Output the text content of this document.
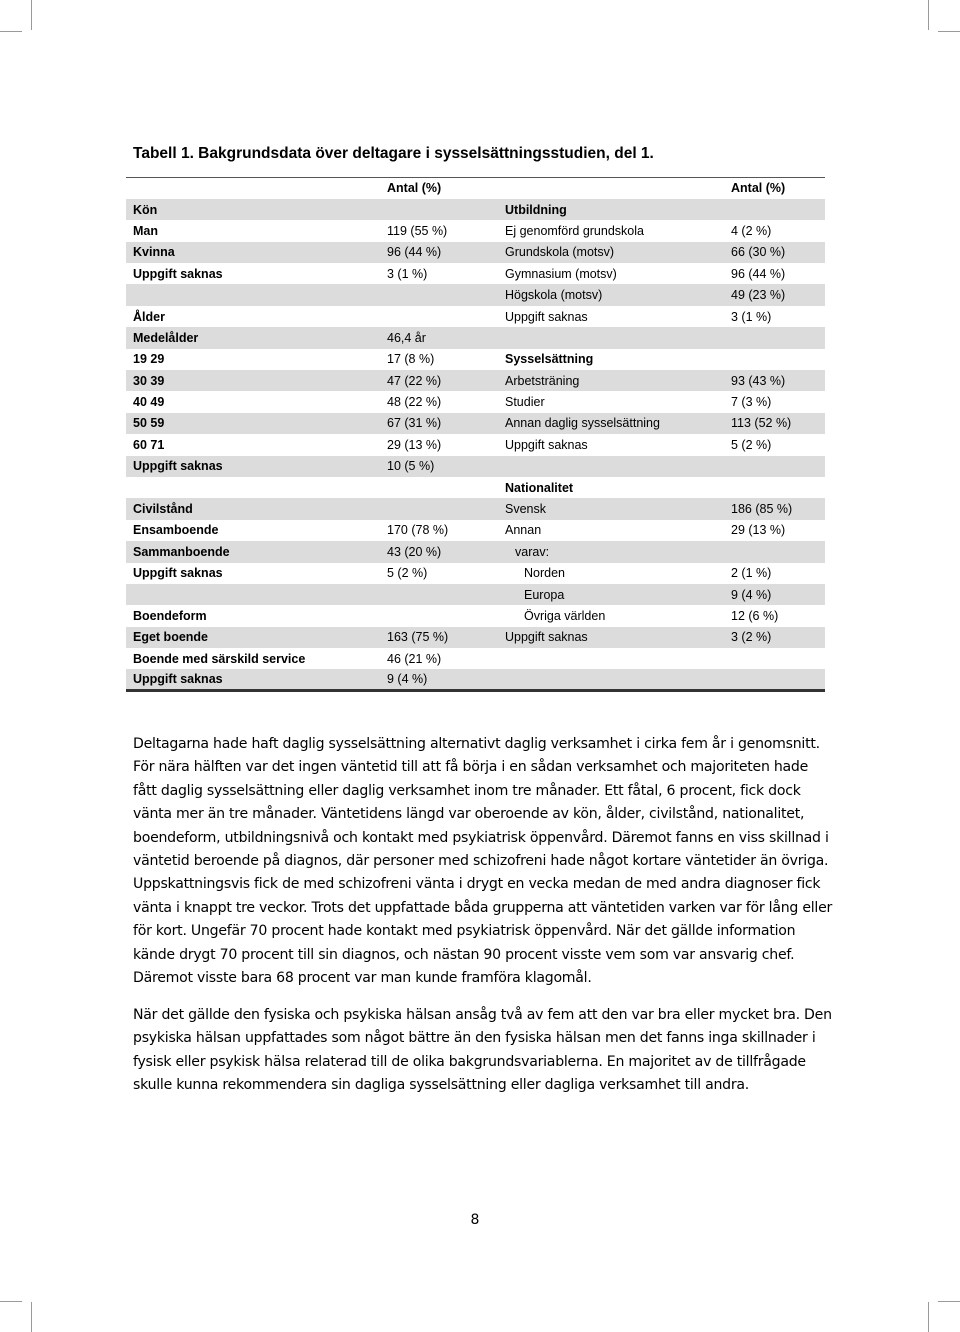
Tabell 1. Bakgrundsdata över deltagare i sysselsättningsstudien, del 1.
	Antal (%)		Antal (%)
Kön		Utbildning	
Man	119 (55 %)	Ej genomförd grundskola	4 (2 %)
Kvinna	96 (44 %)	Grundskola (motsv)	66 (30 %)
Uppgift saknas	3 (1 %)	Gymnasium (motsv)	96 (44 %)
		Högskola (motsv)	49 (23 %)
Ålder		Uppgift saknas	3 (1 %)
Medelålder	46,4 år		
19 29	17 (8 %)	Sysselsättning	
30 39	47 (22 %)	Arbetsträning	93 (43 %)
40 49	48 (22 %)	Studier	7 (3 %)
50 59	67 (31 %)	Annan daglig sysselsättning	113 (52 %)
60 71	29 (13 %)	Uppgift saknas	5 (2 %)
Uppgift saknas	10 (5 %)		
		Nationalitet	
Civilstånd		Svensk	186 (85 %)
Ensamboende	170 (78 %)	Annan	29 (13 %)
Sammanboende	43 (20 %)	varav:	
Uppgift saknas	5 (2 %)	Norden	2 (1 %)
		Europa	9 (4 %)
Boendeform		Övriga världen	12 (6 %)
Eget boende	163 (75 %)	Uppgift saknas	3 (2 %)
Boende med särskild service	46 (21 %)		
Uppgift saknas	9 (4 %)		

Deltagarna hade haft daglig sysselsättning alternativt daglig verksamhet i cirka fem år i genomsnitt. För nära hälften var det ingen väntetid till att få börja i en sådan verksamhet och majoriteten hade fått daglig sysselsättning eller daglig verksamhet inom tre månader. Ett fåtal, 6 procent, fick dock vänta mer än tre månader. Väntetidens längd var oberoende av kön, ålder, civilstånd, nationalitet, boendeform, utbildningsnivå och kontakt med psykiatrisk öppenvård. Däremot fanns en viss skillnad i väntetid beroende på diagnos, där personer med schizofreni hade något kortare väntetider än övriga. Uppskattningsvis fick de med schizofreni vänta i drygt en vecka medan de med andra diagnoser fick vänta i knappt tre veckor. Trots det uppfattade båda grupperna att väntetiden varken var för lång eller för kort. Ungefär 70 procent hade kontakt med psykiatrisk öppenvård. När det gällde information kände drygt 70 procent till sin diagnos, och nästan 90 procent visste vem som var ansvarig chef. Däremot visste bara 68 procent var man kunde framföra klagomål.

När det gällde den fysiska och psykiska hälsan ansåg två av fem att den var bra eller mycket bra. Den psykiska hälsan uppfattades som något bättre än den fysiska hälsan men det fanns inga skillnader i fysisk eller psykisk hälsa relaterad till de olika bakgrundsvariablerna. En majoritet av de tillfrågade skulle kunna rekommendera sin dagliga sysselsättning eller dagliga verksamhet till andra.

8
